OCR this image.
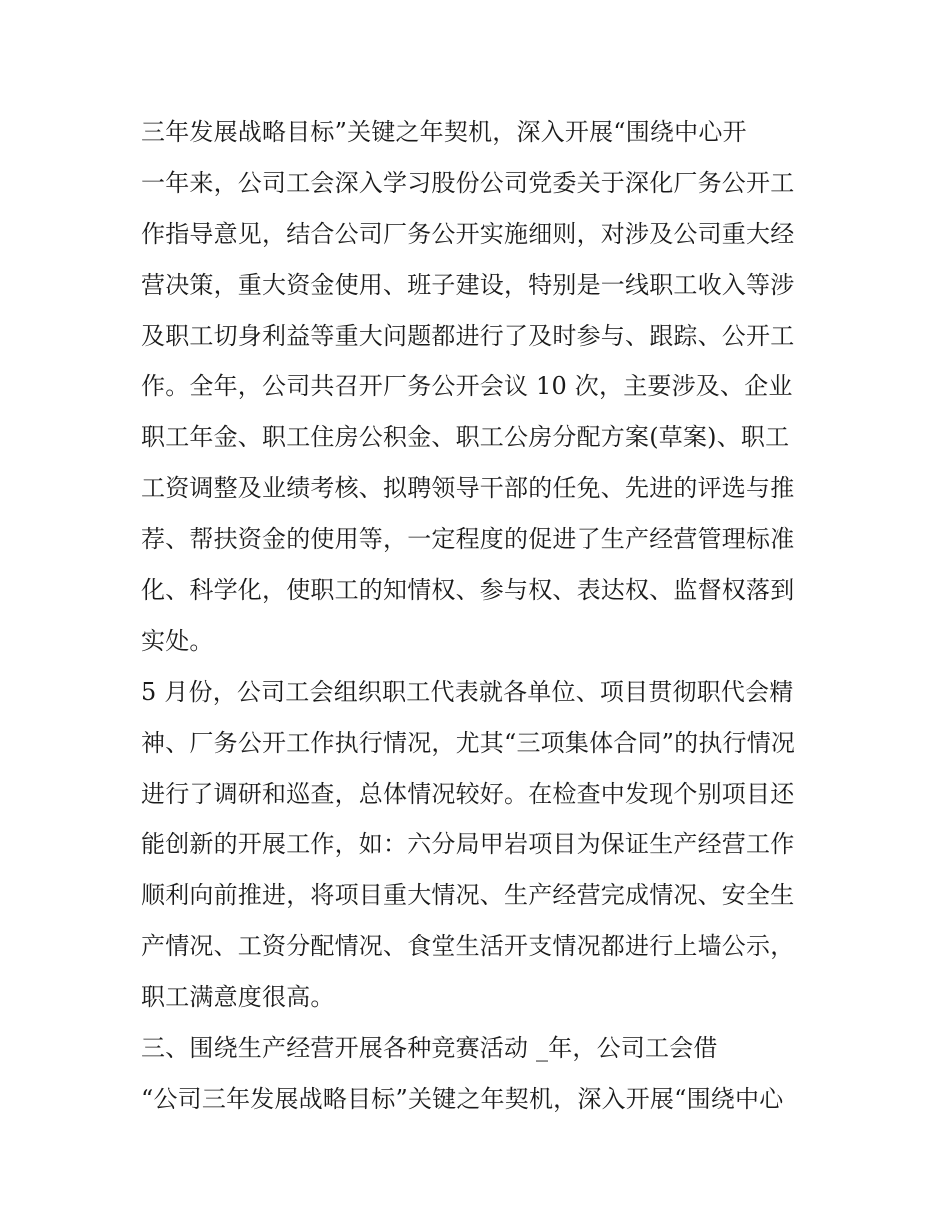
三年发展战略目标”关键之年契机，深入开展“围绕中心开
一年来，公司工会深入学习股份公司党委关于深化厂务公开工
作指导意见，结合公司厂务公开实施细则，对涉及公司重大经
营决策，重大资金使用、班子建设，特别是一线职工收入等涉
及职工切身利益等重大问题都进行了及时参与、跟踪、公开工
作。全年，公司共召开厂务公开会议 10 次，主要涉及、企业
职工年金、职工住房公积金、职工公房分配方案(草案)、职工
工资调整及业绩考核、拟聘领导干部的任免、先进的评选与推
荐、帮扶资金的使用等，一定程度的促进了生产经营管理标准
化、科学化，使职工的知情权、参与权、表达权、监督权落到
实处。
5 月份，公司工会组织职工代表就各单位、项目贯彻职代会精
神、厂务公开工作执行情况，尤其“三项集体合同”的执行情况
进行了调研和巡查，总体情况较好。在检查中发现个别项目还
能创新的开展工作，如：六分局甲岩项目为保证生产经营工作
顺利向前推进，将项目重大情况、生产经营完成情况、安全生
产情况、工资分配情况、食堂生活开支情况都进行上墙公示，
职工满意度很高。
三、围绕生产经营开展各种竞赛活动 _年，公司工会借
“公司三年发展战略目标”关键之年契机，深入开展“围绕中心
